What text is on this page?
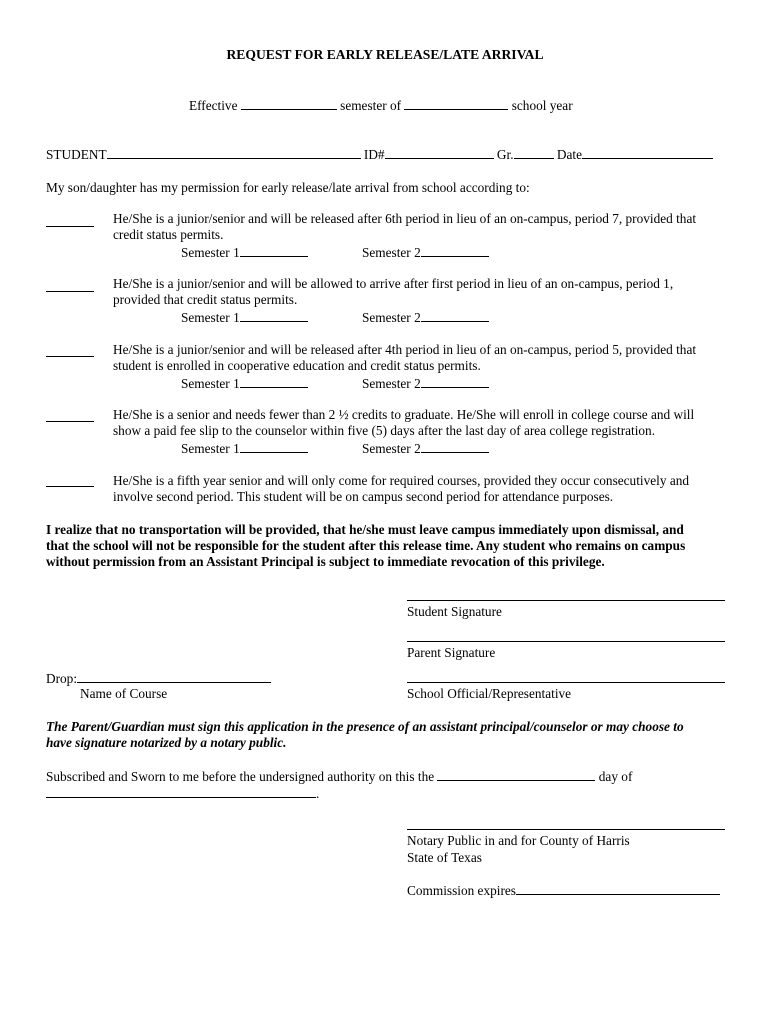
REQUEST FOR EARLY RELEASE/LATE ARRIVAL
Effective	semester of	school year
STUDENT	ID#	Gr.	Date
My son/daughter has my permission for early release/late arrival from school according to:
He/She is a junior/senior and will be released after 6th period in lieu of an on-campus, period 7, provided that
credit status permits.
Semester 1	Semester 2
He/She is a junior/senior and will be allowed to arrive after first period in lieu of an on-campus, period 1,
provided that credit status permits.
Semester 1	Semester 2
He/She is a junior/senior and will be released after 4th period in lieu of an on-campus, period 5, provided that
student is enrolled in cooperative education and credit status permits.
Semester 1	Semester 2
He/She is a senior and needs fewer than 2 ½ credits to graduate. He/She will enroll in college course and will
show a paid fee slip to the counselor within five (5) days after the last day of area college registration.
Semester 1	Semester 2
He/She is a fifth year senior and will only come for required courses, provided they occur consecutively and
involve second period. This student will be on campus second period for attendance purposes.
I realize that no transportation will be provided, that he/she must leave campus immediately upon dismissal, and
that the school will not be responsible for the student after this release time. Any student who remains on campus
without permission from an Assistant Principal is subject to immediate revocation of this privilege.
Student Signature
Parent Signature
Drop:
Name of Course	School Official/Representative
The Parent/Guardian must sign this application in the presence of an assistant principal/counselor or may choose to
have signature notarized by a notary public.
Subscribed and Sworn to me before the undersigned authority on this the	day of
.
Notary Public in and for County of Harris
State of Texas
Commission expires
